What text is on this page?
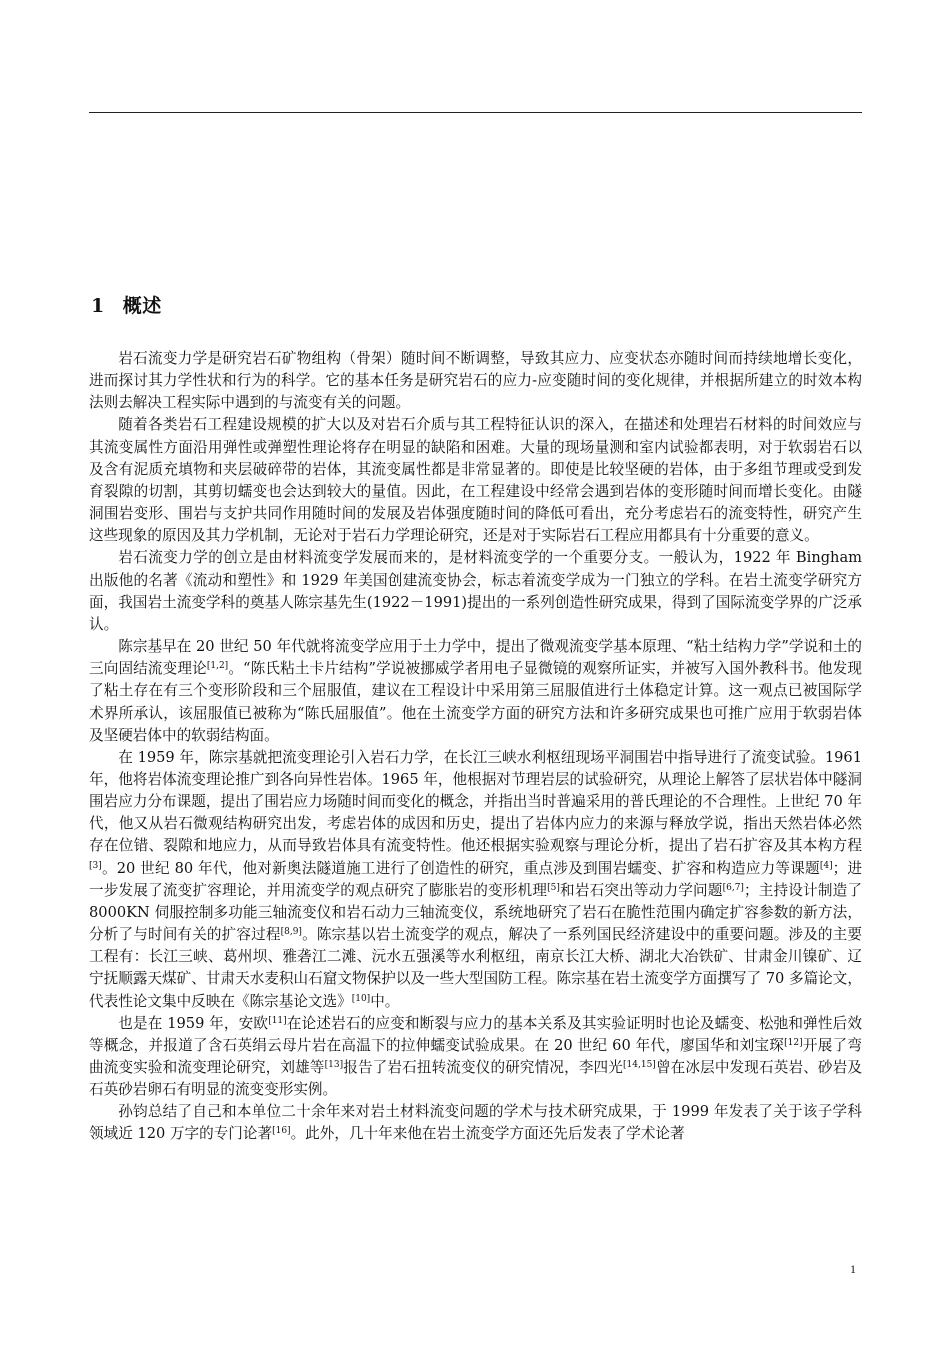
1 概述

岩石流变力学是研究岩石矿物组构（骨架）随时间不断调整，导致其应力、应变状态亦随时间而持续地增长变化，进而探讨其力学性状和行为的科学。它的基本任务是研究岩石的应力-应变随时间的变化规律，并根据所建立的时效本构法则去解决工程实际中遇到的与流变有关的问题。

随着各类岩石工程建设规模的扩大以及对岩石介质与其工程特征认识的深入，在描述和处理岩石材料的时间效应与其流变属性方面沿用弹性或弹塑性理论将存在明显的缺陷和困难。大量的现场量测和室内试验都表明，对于软弱岩石以及含有泥质充填物和夹层破碎带的岩体，其流变属性都是非常显著的。即使是比较坚硬的岩体，由于多组节理或受到发育裂隙的切割，其剪切蠕变也会达到较大的量值。因此，在工程建设中经常会遇到岩体的变形随时间而增长变化。由隧洞围岩变形、围岩与支护共同作用随时间的发展及岩体强度随时间的降低可看出，充分考虑岩石的流变特性，研究产生这些现象的原因及其力学机制，无论对于岩石力学理论研究，还是对于实际岩石工程应用都具有十分重要的意义。

岩石流变力学的创立是由材料流变学发展而来的，是材料流变学的一个重要分支。一般认为，1922 年 Bingham 出版他的名著《流动和塑性》和 1929 年美国创建流变协会，标志着流变学成为一门独立的学科。在岩土流变学研究方面，我国岩土流变学科的奠基人陈宗基先生(1922－1991)提出的一系列创造性研究成果，得到了国际流变学界的广泛承认。

陈宗基早在 20 世纪 50 年代就将流变学应用于土力学中，提出了微观流变学基本原理、“粘土结构力学”学说和土的三向固结流变理论[1,2]。“陈氏粘土卡片结构”学说被挪威学者用电子显微镜的观察所证实，并被写入国外教科书。他发现了粘土存在有三个变形阶段和三个屈服值，建议在工程设计中采用第三屈服值进行土体稳定计算。这一观点已被国际学术界所承认，该屈服值已被称为“陈氏屈服值”。他在土流变学方面的研究方法和许多研究成果也可推广应用于软弱岩体及坚硬岩体中的软弱结构面。

在 1959 年，陈宗基就把流变理论引入岩石力学，在长江三峡水利枢纽现场平洞围岩中指导进行了流变试验。1961 年，他将岩体流变理论推广到各向异性岩体。1965 年，他根据对节理岩层的试验研究，从理论上解答了层状岩体中隧洞围岩应力分布课题，提出了围岩应力场随时间而变化的概念，并指出当时普遍采用的普氏理论的不合理性。上世纪 70 年代，他又从岩石微观结构研究出发，考虑岩体的成因和历史，提出了岩体内应力的来源与释放学说，指出天然岩体必然存在位错、裂隙和地应力，从而导致岩体具有流变特性。他还根据实验观察与理论分析，提出了岩石扩容及其本构方程[3]。20 世纪 80 年代，他对新奥法隧道施工进行了创造性的研究，重点涉及到围岩蠕变、扩容和构造应力等课题[4]；进一步发展了流变扩容理论，并用流变学的观点研究了膨胀岩的变形机理[5]和岩石突出等动力学问题[6,7]；主持设计制造了 8000KN 伺服控制多功能三轴流变仪和岩石动力三轴流变仪，系统地研究了岩石在脆性范围内确定扩容参数的新方法，分析了与时间有关的扩容过程[8,9]。陈宗基以岩土流变学的观点，解决了一系列国民经济建设中的重要问题。涉及的主要工程有：长江三峡、葛州坝、雅砻江二滩、沅水五强溪等水利枢纽，南京长江大桥、湖北大冶铁矿、甘肃金川镍矿、辽宁抚顺露天煤矿、甘肃天水麦积山石窟文物保护以及一些大型国防工程。陈宗基在岩土流变学方面撰写了 70 多篇论文，代表性论文集中反映在《陈宗基论文选》[10]中。

也是在 1959 年，安欧[11]在论述岩石的应变和断裂与应力的基本关系及其实验证明时也论及蠕变、松弛和弹性后效等概念，并报道了含石英绢云母片岩在高温下的拉伸蠕变试验成果。在 20 世纪 60 年代，廖国华和刘宝琛[12]开展了弯曲流变实验和流变理论研究，刘雄等[13]报告了岩石扭转流变仪的研究情况，李四光[14,15]曾在冰层中发现石英岩、砂岩及石英砂岩卵石有明显的流变变形实例。

孙钧总结了自己和本单位二十余年来对岩土材料流变问题的学术与技术研究成果，于 1999 年发表了关于该子学科领域近 120 万字的专门论著[16]。此外，几十年来他在岩土流变学方面还先后发表了学术论著

1
